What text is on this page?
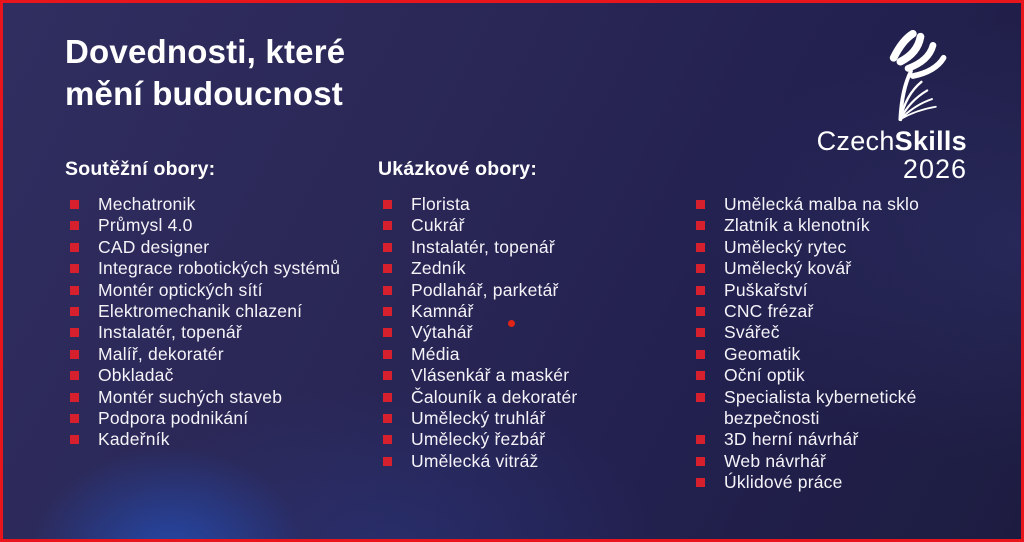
Dovednosti, které
mění budoucnost
CzechSkills
2026
Soutěžní obory:
Mechatronik
Průmysl 4.0
CAD designer
Integrace robotických systémů
Montér optických sítí
Elektromechanik chlazení
Instalatér, topenář
Malíř, dekoratér
Obkladač
Montér suchých staveb
Podpora podnikání
Kadeřník
Ukázkové obory:
Florista
Cukrář
Instalatér, topenář
Zedník
Podlahář, parketář
Kamnář
Výtahář
Média
Vlásenkář a maskér
Čalouník a dekoratér
Umělecký truhlář
Umělecký řezbář
Umělecká vitráž
Umělecká malba na sklo
Zlatník a klenotník
Umělecký rytec
Umělecký kovář
Puškařství
CNC frézař
Svářeč
Geomatik
Oční optik
Specialista kybernetické bezpečnosti
3D herní návrhář
Web návrhář
Úklidové práce
